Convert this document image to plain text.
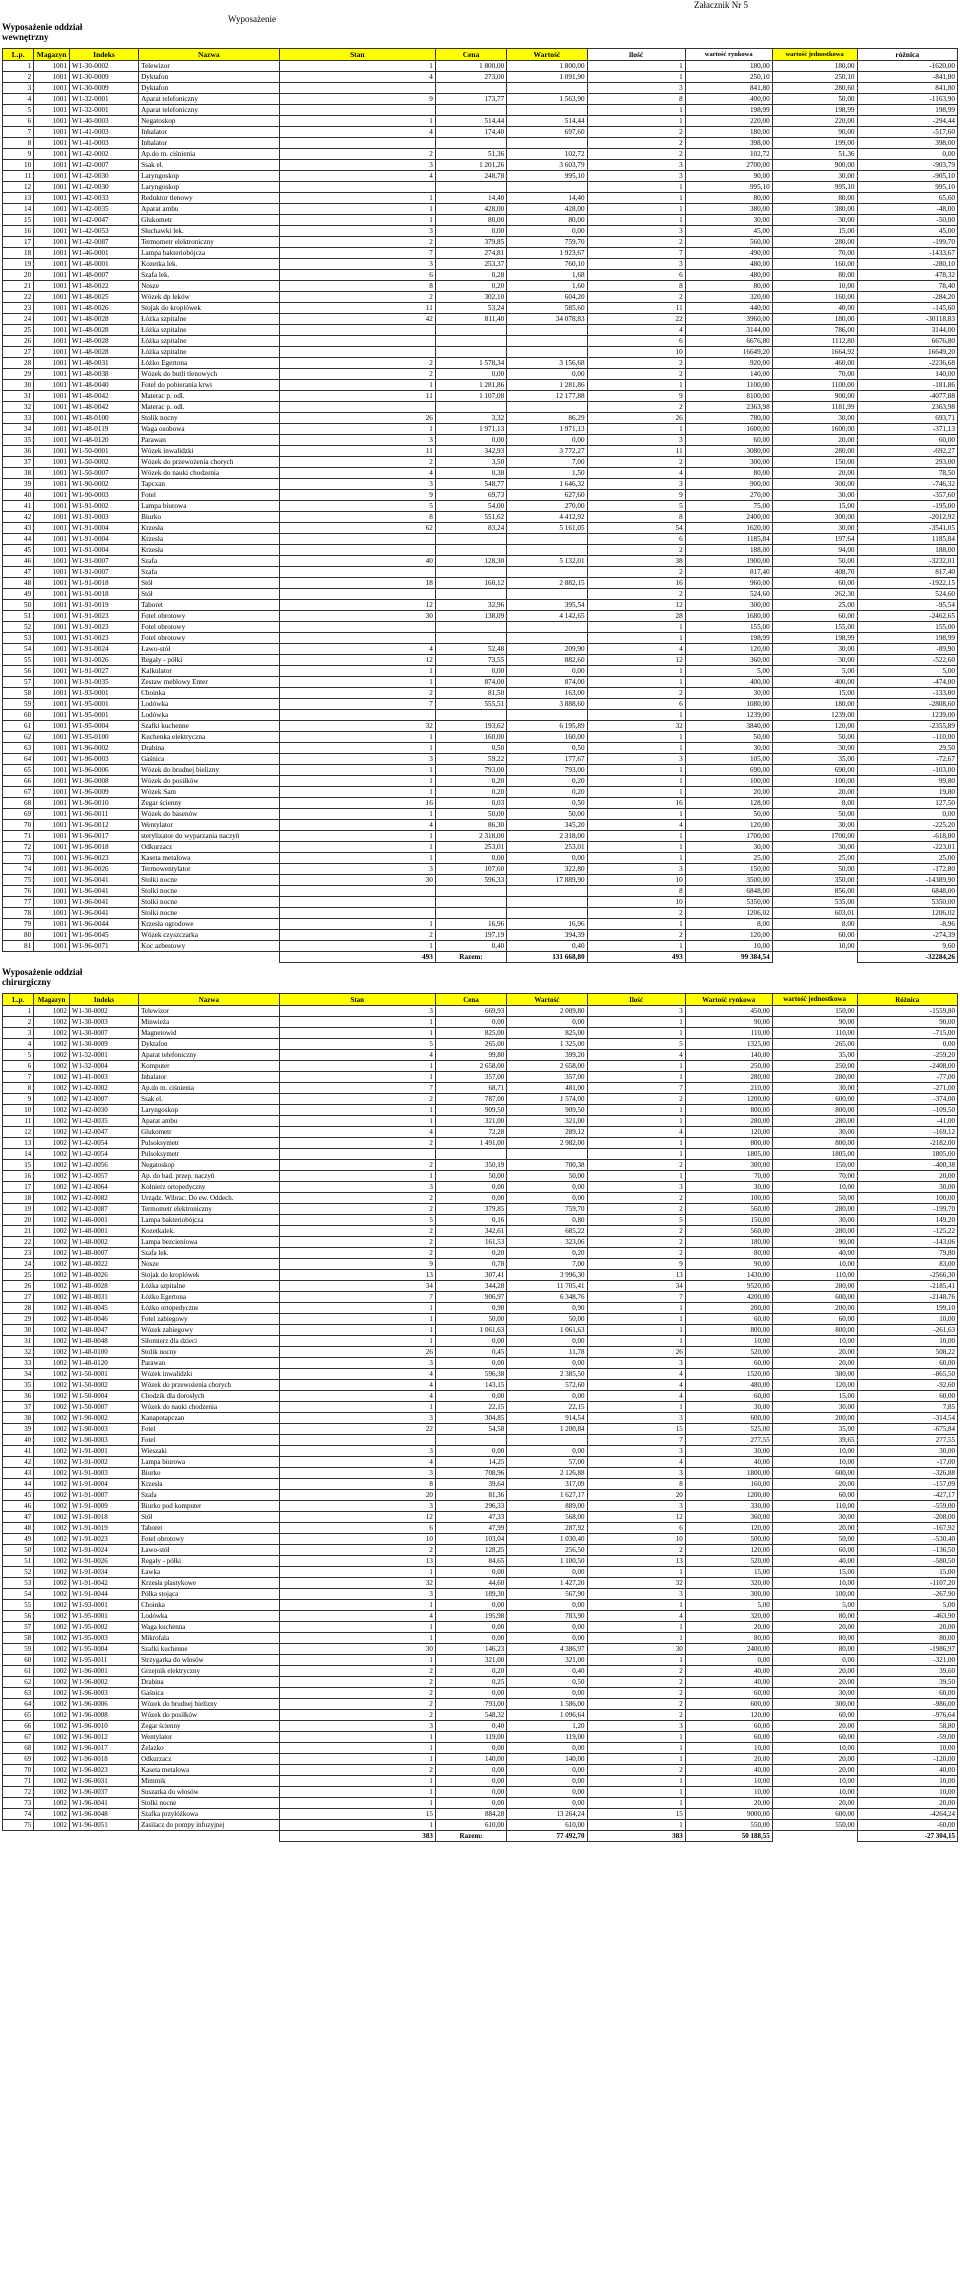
Załacznik Nr 5
Wyposażenie
Wyposażenie oddział wewnętrzny
L.p.	Magazyn	Indeks	Nazwa	Stan	Cena	Wartość	ilość	wartość rynkowa	wartość jednostkowa	różnica
1	1001	W1-30-0002	Telewizor	1	1 800,00	1 800,00	1	180,00	180,00	-1620,00
2	1001	W1-30-0009	Dyktafon	4	273,00	1 091,90	1	250,10	250,10	-841,80
3	1001	W1-30-0009	Dyktafon				3	841,80	280,60	841,80
4	1001	W1-32-0001	Aparat telefoniczny	9	173,77	1 563,90	8	400,00	50,00	-1163,90
5	1001	W1-32-0001	Aparat telefoniczny				1	198,99	198,99	198,99
6	1001	W1-40-0003	Negatoskop	1	514,44	514,44	1	220,00	220,00	-294,44
7	1001	W1-41-0003	Inhalator	4	174,40	697,60	2	180,00	90,00	-517,60
8	1001	W1-41-0003	Inhalator				2	398,00	199,00	398,00
9	1001	W1-42-0002	Ap.do m. ciśnienia	2	51,36	102,72	2	102,72	51,36	0,00
10	1001	W1-42-0007	Ssak el.	3	1 201,26	3 603,79	3	2700,00	900,00	-903,79
11	1001	W1-42-0030	Laryngoskop	4	248,78	995,10	3	90,00	30,00	-905,10
12	1001	W1-42-0030	Laryngoskop				1	995,10	995,10	995,10
13	1001	W1-42-0033	Reduktor tlenowy	1	14,40	14,40	1	80,00	80,00	65,60
14	1001	W1-42-0035	Aparat ambu	1	428,00	428,00	1	380,00	380,00	-48,00
15	1001	W1-42-0047	Glukometr	1	80,00	80,00	1	30,00	30,00	-50,00
16	1001	W1-42-0053	Słuchawki lek.	3	0,00	0,00	3	45,00	15,00	45,00
17	1001	W1-42-0087	Termometr elektroniczny	2	379,85	759,70	2	560,00	280,00	-199,70
18	1001	W1-46-0001	Lampa bakteriobójcza	7	274,81	1 923,67	7	490,00	70,00	-1433,67
19	1001	W1-48-0001	Kozetka lek.	3	253,37	760,10	3	480,00	160,00	-280,10
20	1001	W1-48-0007	Szafa lek.	6	0,28	1,68	6	480,00	80,00	478,32
21	1001	W1-48-0022	Nosze	8	0,20	1,60	8	80,00	10,00	78,40
22	1001	W1-48-0025	Wózek dp leków	2	302,10	604,20	2	320,00	160,00	-284,20
23	1001	W1-48-0026	Stojak do kroplówek	11	53,24	585,60	11	440,00	40,00	-145,60
24	1001	W1-48-0028	Łóżka szpitalne	42	811,40	34 078,83	22	3960,00	180,00	-30118,83
25	1001	W1-48-0028	Łóżka szpitalne				4	3144,00	786,00	3144,00
26	1001	W1-48-0028	Łóżka szpitalne				6	6676,80	1112,80	6676,80
27	1001	W1-48-0028	Łóżka szpitalne				10	16649,20	1664,92	16649,20
28	1001	W1-48-0031	Łóżko Egertona	2	1 578,34	3 156,68	2	920,00	460,00	-2236,68
29	1001	W1-48-0038	Wózek do butli tlenowych	2	0,00	0,00	2	140,00	70,00	140,00
30	1001	W1-48-0040	Fotel do pobierania krwi	1	1 281,86	1 281,86	1	1100,00	1100,00	-181,86
31	1001	W1-48-0042	Materac p. odl.	11	1 107,08	12 177,88	9	8100,00	900,00	-4077,88
32	1001	W1-48-0042	Materac p. odl.				2	2363,98	1181,99	2363,98
33	1001	W1-48-0100	Stolik nocny	26	3,32	86,29	26	780,00	30,00	693,71
34	1001	W1-48-0119	Waga osobowa	1	1 971,13	1 971,13	1	1600,00	1600,00	-371,13
35	1001	W1-48-0120	Parawan	3	0,00	0,00	3	60,00	20,00	60,00
36	1001	W1-50-0001	Wózek inwalidzki	11	342,93	3 772,27	11	3080,00	280,00	-692,27
37	1001	W1-50-0002	Wózek do przewożenia chorych	2	3,50	7,00	2	300,00	150,00	293,00
38	1001	W1-50-0007	Wózek do nauki chodzenia	4	0,38	1,50	4	80,00	20,00	78,50
39	1001	W1-90-0002	Tapczan	3	548,77	1 646,32	3	900,00	300,00	-746,32
40	1001	W1-90-0003	Fotel	9	69,73	627,60	9	270,00	30,00	-357,60
41	1001	W1-91-0002	Lampa biurowa	5	54,00	270,00	5	75,00	15,00	-195,00
42	1001	W1-91-0003	Biurko	8	551,62	4 412,92	8	2400,00	300,00	-2012,92
43	1001	W1-91-0004	Krzesła	62	83,24	5 161,05	54	1620,00	30,00	-3541,05
44	1001	W1-91-0004	Krzesła				6	1185,84	197,64	1185,84
45	1001	W1-91-0004	Krzesła				2	188,00	94,00	188,00
46	1001	W1-91-0007	Szafa	40	128,30	5 132,01	38	1900,00	50,00	-3232,01
47	1001	W1-91-0007	Szafa				2	817,40	408,70	817,40
48	1001	W1-91-0018	Stół	18	160,12	2 882,15	16	960,00	60,00	-1922,15
49	1001	W1-91-0018	Stół				2	524,60	262,30	524,60
50	1001	W1-91-0019	Taboret	12	32,96	395,54	12	300,00	25,00	-95,54
51	1001	W1-91-0023	Fotel obrotowy	30	138,09	4 142,65	28	1680,00	60,00	-2462,65
52	1001	W1-91-0023	Fotel obrotowy				1	155,00	155,00	155,00
53	1001	W1-91-0023	Fotel obrotowy				1	198,99	198,99	198,99
54	1001	W1-91-0024	Ławo-stół	4	52,48	209,90	4	120,00	30,00	-89,90
55	1001	W1-91-0026	Regały - półki	12	73,55	882,60	12	360,00	30,00	-522,60
56	1001	W1-91-0027	Kalkulator	1	0,00	0,00	1	5,00	5,00	5,00
57	1001	W1-91-0035	Zestaw meblowy Enter	1	874,00	874,00	1	400,00	400,00	-474,00
58	1001	W1-93-0001	Choinka	2	81,50	163,00	2	30,00	15,00	-133,00
59	1001	W1-95-0001	Lodówka	7	555,51	3 888,60	6	1080,00	180,00	-2808,60
60	1001	W1-95-0001	Lodówka				1	1239,00	1239,00	1239,00
61	1001	W1-95-0004	Szafki kuchenne	32	193,62	6 195,89	32	3840,00	120,00	-2355,89
62	1001	W1-95-0100	Kuchenka elektryczna	1	160,00	160,00	1	50,00	50,00	-110,00
63	1001	W1-96-0002	Drabina	1	0,50	0,50	1	30,00	30,00	29,50
64	1001	W1-96-0003	Gaśnica	3	59,22	177,67	3	105,00	35,00	-72,67
65	1001	W1-96-0006	Wózek do brudnej bielizny	1	793,00	793,00	1	690,00	690,00	-103,00
66	1001	W1-96-0008	Wózek do posiłków	1	0,20	0,20	1	100,00	100,00	99,80
67	1001	W1-96-0009	Wózek Sam	1	0,20	0,20	1	20,00	20,00	19,80
68	1001	W1-96-0010	Zegar ścienny	16	0,03	0,50	16	128,00	8,00	127,50
69	1001	W1-96-0011	Wózek do basenów	1	50,00	50,00	1	50,00	50,00	0,00
70	1001	W1-96-0012	Wentylator	4	86,30	345,20	4	120,00	30,00	-225,20
71	1001	W1-96-0017	sterylizator do wyparzania naczyń	1	2 318,00	2 318,00	1	1700,00	1700,00	-618,00
72	1001	W1-96-0018	Odkurzacz	1	253,01	253,01	1	30,00	30,00	-223,01
73	1001	W1-96-0023	Kaseta metalowa	1	0,00	0,00	1	25,00	25,00	25,00
74	1001	W1-96-0026	Termowentylator	3	107,60	322,80	3	150,00	50,00	-172,80
75	1001	W1-96-0041	Stolki nocne	30	596,33	17 889,90	10	3500,00	350,00	-14389,90
76	1001	W1-96-0041	Stolki nocne				8	6848,00	856,00	6848,00
77	1001	W1-96-0041	Stolki nocne				10	5350,00	535,00	5350,00
78	1001	W1-96-0041	Stolki nocne				2	1206,02	603,01	1206,02
79	1001	W1-96-0044	Krzesła ogrodowe	1	16,96	16,96	1	8,00	8,00	-8,96
80	1001	W1-96-0045	Wózek czyszczarka	2	197,19	394,39	2	120,00	60,00	-274,39
81	1001	W1-96-0071	Koc azbestowy	1	0,40	0,40	1	10,00	10,00	9,60
				493	Razem:	131 668,80	493	99 384,54		-32284,26
Wyposażenie oddział chirurgiczny
L.p.	Magazyn	Indeks	Nazwa	Stan	Cena	Wartość	Ilość	Wartość rynkowa	wartość jednostkowa	Różnica
1	1002	W1-30-0002	Telewizor	3	669,93	2 009,80	3	450,00	150,00	-1559,80
2	1002	W1-30-0003	Minwieża	1	0,00	0,00	1	90,00	90,00	90,00
3	1002	W1-30-0007	Magnetowid	1	825,00	825,00	1	110,00	110,00	-715,00
4	1002	W1-30-0009	Dyktafon	5	265,00	1 325,00	5	1325,00	265,00	0,00
5	1002	W1-32-0001	Aparat telefoniczny	4	99,80	399,20	4	140,00	35,00	-259,20
6	1002	W1-32-0004	Komputer	1	2 658,00	2 658,00	1	250,00	250,00	-2408,00
7	1002	W1-41-0003	Inhalator	1	357,00	357,00	1	280,00	280,00	-77,00
8	1002	W1-42-0002	Ap.do m. ciśnienia	7	68,71	481,00	7	210,00	30,00	-271,00
9	1002	W1-42-0007	Ssak el.	2	787,00	1 574,00	2	1200,00	600,00	-374,00
10	1002	W1-42-0030	Laryngoskop	1	909,50	909,50	1	800,00	800,00	-109,50
11	1002	W1-42-0035	Aparat ambu	1	321,00	321,00	1	280,00	280,00	-41,00
12	1002	W1-42-0047	Glukometr	4	72,28	289,12	4	120,00	30,00	-169,12
13	1002	W1-42-0054	Pulsoksymetr	2	1 491,00	2 982,00	1	800,00	800,00	-2182,00
14	1002	W1-42-0054	Pulsoksymetr				1	1805,00	1805,00	1805,00
15	1002	W1-42-0056	Negatoskop	2	350,19	700,38	2	300,00	150,00	-400,38
16	1002	W1-42-0057	Ap. do bad. przep. naczyń	1	50,00	50,00	1	70,00	70,00	20,00
17	1002	W1-42-0064	Kołnierz ortopedyczny	3	0,00	0,00	3	30,00	10,00	30,00
18	1002	W1-42-0082	Urządz. Wibrac. Do ew. Oddech.	2	0,00	0,00	2	100,00	50,00	100,00
19	1002	W1-42-0087	Termometr elektroniczny	2	379,85	759,70	2	560,00	280,00	-199,70
20	1002	W1-46-0001	Lampa bakteriobójcza	5	0,16	0,80	5	150,00	30,00	149,20
21	1002	W1-48-0001	Kozetkalek.	2	342,61	685,22	2	560,00	280,00	-125,22
22	1002	W1-48-0002	Lampa bezcieniowa	2	161,53	323,06	2	180,00	90,00	-143,06
23	1002	W1-48-0007	Szafa lek.	2	0,20	0,20	2	80,00	40,00	79,80
24	1002	W1-48-0022	Nosze	9	0,78	7,00	9	90,00	10,00	83,00
25	1002	W1-48-0026	Stojak do kroplówek	13	307,41	3 996,30	13	1430,00	110,00	-2566,30
26	1002	W1-48-0028	Łóżka szpitalne	34	344,28	11 705,41	34	9520,00	280,00	-2185,41
27	1002	W1-48-0031	Łóżko Egertona	7	906,97	6 348,76	7	4200,00	600,00	-2148,76
28	1002	W1-48-0045	Łóżko ortopedyczne	1	0,90	0,90	1	200,00	200,00	199,10
29	1002	W1-48-0046	Fotel zabiegowy	1	50,00	50,00	1	60,00	60,00	10,00
30	1002	W1-48-0047	Wózek zabiegowy	1	1 061,63	1 061,63	1	800,00	800,00	-261,63
31	1002	W1-48-0048	Siłomierz dla dzieci	1	0,00	0,00	1	10,00	10,00	10,00
32	1002	W1-48-0100	Stolik nocny	26	0,45	11,78	26	520,00	20,00	508,22
33	1002	W1-48-0120	Parawan	3	0,00	0,00	3	60,00	20,00	60,00
34	1002	W1-50-0001	Wózek inwalidzki	4	596,38	2 385,50	4	1520,00	380,00	-865,50
35	1002	W1-50-0002	Wózek do przewożenia chorych	4	143,15	572,60	4	480,00	120,00	-92,60
36	1002	W1-50-0004	Chodzik dla dorosłych	4	0,00	0,00	4	60,00	15,00	60,00
37	1002	W1-50-0007	Wózek do nauki chodzenia	1	22,15	22,15	1	30,00	30,00	7,85
38	1002	W1-90-0002	Kanapotapczan	3	304,85	914,54	3	600,00	200,00	-314,54
39	1002	W1-90-0003	Fotel	22	54,58	1 200,84	15	525,00	35,00	-675,84
40	1002	W1-90-0003	Fotel				7	277,55	39,65	277,55
41	1002	W1-91-0001	Wieszaki	3	0,00	0,00	3	30,00	10,00	30,00
42	1002	W1-91-0002	Lampa biurowa	4	14,25	57,00	4	40,00	10,00	-17,00
43	1002	W1-91-0003	Biurko	3	708,96	2 126,88	3	1800,00	600,00	-326,88
44	1002	W1-91-0004	Krzesła	8	39,64	317,09	8	160,00	20,00	-157,09
45	1002	W1-91-0007	Szafa	20	81,36	1 627,17	20	1200,00	60,00	-427,17
46	1002	W1-91-0009	Biurko pod komputer	3	296,33	889,00	3	330,00	110,00	-559,00
47	1002	W1-91-0018	Stół	12	47,33	568,00	12	360,00	30,00	-208,00
48	1002	W1-91-0019	Taboret	6	47,99	287,92	6	120,00	20,00	-167,92
49	1002	W1-91-0023	Fotel obrotowy	10	103,04	1 030,40	10	500,00	50,00	-530,40
50	1002	W1-91-0024	Ławo-stół	2	128,25	256,50	2	120,00	60,00	-136,50
51	1002	W1-91-0026	Regały - półki	13	84,65	1 100,50	13	520,00	40,00	-580,50
52	1002	W1-91-0034	Ławka	1	0,00	0,00	1	15,00	15,00	15,00
53	1002	W1-91-0042	Krzesła plastykowe	32	44,60	1 427,20	32	320,00	10,00	-1107,20
54	1002	W1-91-0044	Półka stojąca	3	189,30	567,90	3	300,00	100,00	-267,90
55	1002	W1-93-0001	Choinka	1	0,00	0,00	1	5,00	5,00	5,00
56	1002	W1-95-0001	Lodówka	4	195,98	783,90	4	320,00	80,00	-463,90
57	1002	W1-95-0002	Waga kuchenna	1	0,00	0,00	1	20,00	20,00	20,00
58	1002	W1-95-0003	Mikrofala	1	0,00	0,00	1	80,00	80,00	80,00
59	1002	W1-95-0004	Szafki kuchenne	30	146,23	4 386,97	30	2400,00	80,00	-1986,97
60	1002	W1-95-0011	Strzygarka do włosów	1	321,00	321,00	1	0,00	0,00	-321,00
61	1002	W1-96-0001	Grzejnik elektryczny	2	0,20	0,40	2	40,00	20,00	39,60
62	1002	W1-96-0002	Drabina	2	0,25	0,50	2	40,00	20,00	39,50
63	1002	W1-96-0003	Gaśnica	2	0,00	0,00	2	60,00	30,00	60,00
64	1002	W1-96-0006	Wózek do brudnej bielizny	2	793,00	1 586,00	2	600,00	300,00	-986,00
65	1002	W1-96-0008	Wózek do posiłków	2	548,32	1 096,64	2	120,00	60,00	-976,64
66	1002	W1-96-0010	Zegar ścienny	3	0,40	1,20	3	60,00	20,00	58,80
67	1002	W1-96-0012	Wentylator	1	119,00	119,00	1	60,00	60,00	-59,00
68	1002	W1-96-0017	Żelazko	1	0,00	0,00	1	10,00	10,00	10,00
69	1002	W1-96-0018	Odkurzacz	1	140,00	140,00	1	20,00	20,00	-120,00
70	1002	W1-96-0023	Kaseta metalowa	2	0,00	0,00	2	40,00	20,00	40,00
71	1002	W1-96-0031	Mimmik	1	0,00	0,00	1	10,00	10,00	10,00
72	1002	W1-96-0037	Suszarka do włosów	1	0,00	0,00	1	10,00	10,00	10,00
73	1002	W1-96-0041	Stołki nocne	1	0,00	0,00	1	20,00	20,00	20,00
74	1002	W1-96-0048	Szafka przyłóżkowa	15	884,28	13 264,24	15	9000,00	600,00	-4264,24
75	1002	W1-96-0051	Zasilacz do pompy infuzyjnej	1	610,00	610,00	1	550,00	550,00	-60,00
				383	Razem:	77 492,70	383	50 188,55		-27 304,15
